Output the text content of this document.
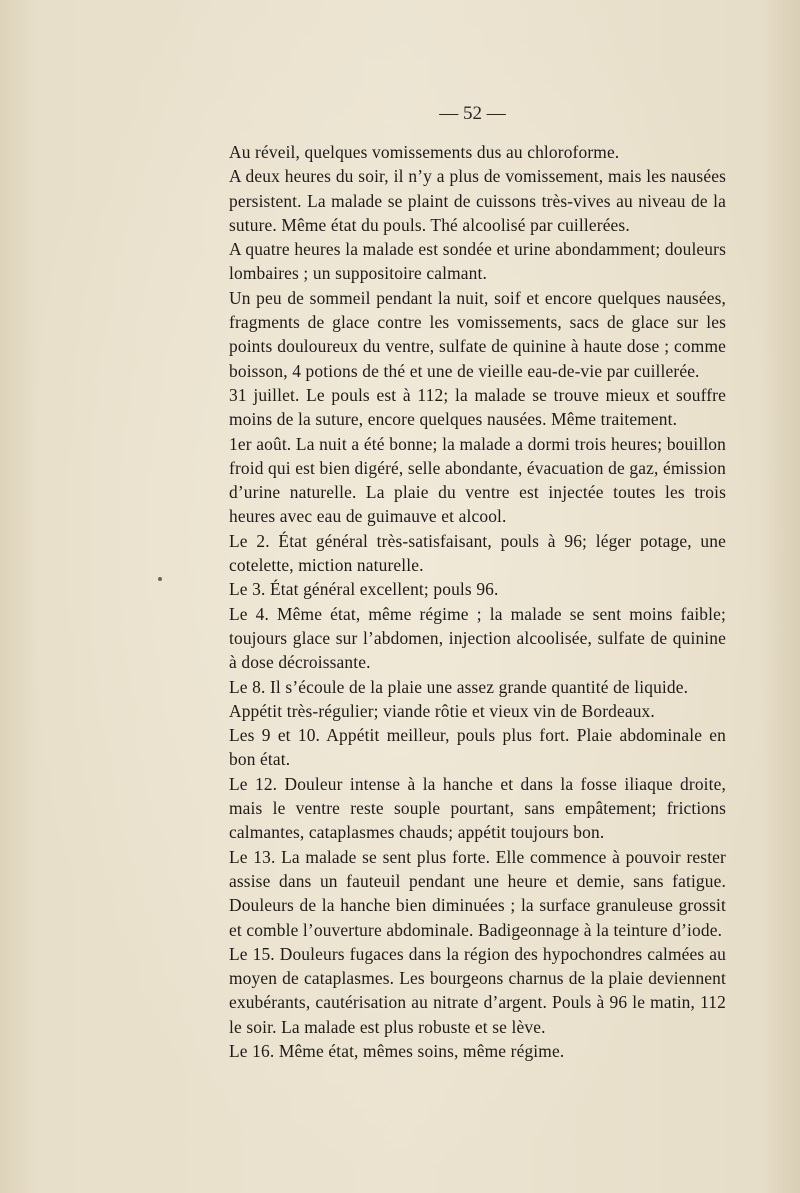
— 52 —

Au réveil, quelques vomissements dus au chloroforme.

A deux heures du soir, il n’y a plus de vomissement, mais les nausées persistent. La malade se plaint de cuissons très-vives au niveau de la suture. Même état du pouls. Thé alcoolisé par cuillerées.

A quatre heures la malade est sondée et urine abondamment; douleurs lombaires ; un suppositoire calmant.

Un peu de sommeil pendant la nuit, soif et encore quelques nausées, fragments de glace contre les vomissements, sacs de glace sur les points douloureux du ventre, sulfate de quinine à haute dose ; comme boisson, 4 potions de thé et une de vieille eau-de-vie par cuillerée.

31 juillet. Le pouls est à 112; la malade se trouve mieux et souffre moins de la suture, encore quelques nausées. Même traitement.

1er août. La nuit a été bonne; la malade a dormi trois heures; bouillon froid qui est bien digéré, selle abondante, évacuation de gaz, émission d’urine naturelle. La plaie du ventre est injectée toutes les trois heures avec eau de guimauve et alcool.

Le 2. État général très-satisfaisant, pouls à 96; léger potage, une cotelette, miction naturelle.

Le 3. État général excellent; pouls 96.

Le 4. Même état, même régime ; la malade se sent moins faible; toujours glace sur l’abdomen, injection alcoolisée, sulfate de quinine à dose décroissante.

Le 8. Il s’écoule de la plaie une assez grande quantité de liquide.

Appétit très-régulier; viande rôtie et vieux vin de Bordeaux.

Les 9 et 10. Appétit meilleur, pouls plus fort. Plaie abdominale en bon état.

Le 12. Douleur intense à la hanche et dans la fosse iliaque droite, mais le ventre reste souple pourtant, sans empâtement; frictions calmantes, cataplasmes chauds; appétit toujours bon.

Le 13. La malade se sent plus forte. Elle commence à pouvoir rester assise dans un fauteuil pendant une heure et demie, sans fatigue. Douleurs de la hanche bien diminuées ; la surface granuleuse grossit et comble l’ouverture abdominale. Badigeonnage à la teinture d’iode.

Le 15. Douleurs fugaces dans la région des hypochondres calmées au moyen de cataplasmes. Les bourgeons charnus de la plaie deviennent exubérants, cautérisation au nitrate d’argent. Pouls à 96 le matin, 112 le soir. La malade est plus robuste et se lève.

Le 16. Même état, mêmes soins, même régime.
